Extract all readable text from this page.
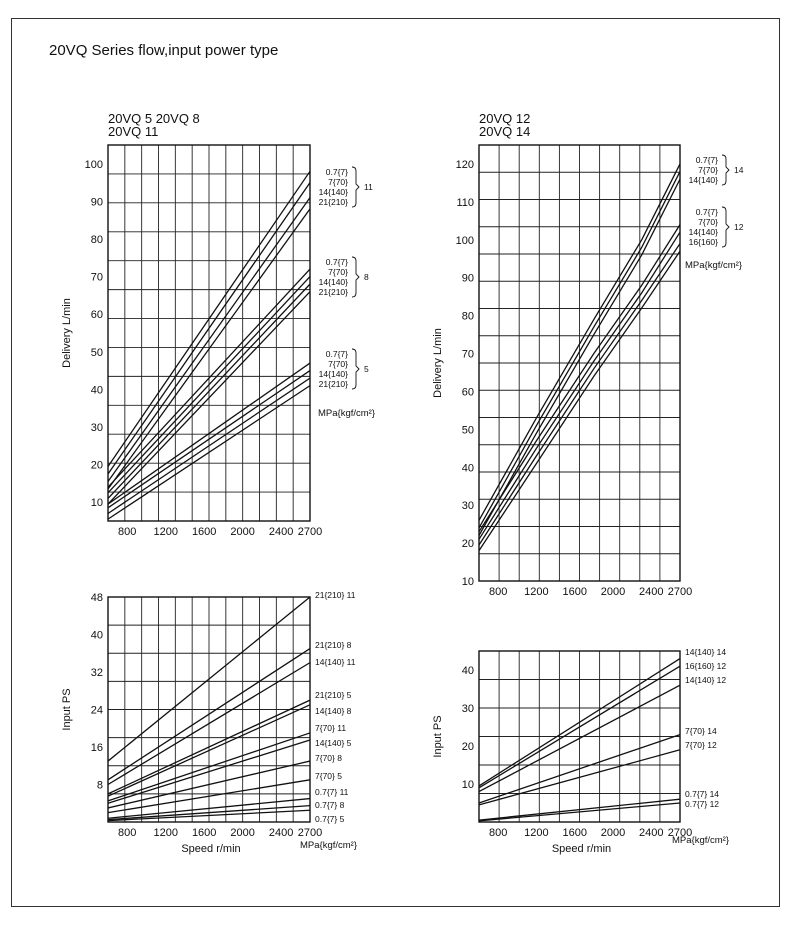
20VQ Series flow,input power type
10
20
30
40
50
60
70
80
90
100
800 1200 1600 2000 2400 2700
Delivery L/min
20VQ 5 20VQ 8
20VQ 11
0.7{7}
7{70}
14{140}
21{210}
11
0.7{7}
7{70}
14{140}
21{210}
8
0.7{7}
7{70}
14{140}
21{210}
5
MPa{kgf/cm²}
8
16
24
32
40
48
800 1200 1600 2000 2400 2700
Input PS
Speed r/min	MPa{kgf/cm²}
21{210} 11
21{210} 8
14{140} 11
21{210} 5
14{140} 8
7{70} 11
14{140} 5
7{70} 8
7{70} 5
0.7{7} 11
0.7{7} 8
0.7{7} 5
10
20
30
40
50
60
70
80
90
100
110
120
800 1200 1600 2000 2400 2700
Delivery L/min
20VQ 12
20VQ 14
0.7{7}
7{70}
14{140}
14
0.7{7}
7{70}
14{140}
16{160}
12
MPa{kgf/cm²}
10
20
30
40
800 1200 1600 2000 2400 2700
Input PS
Speed r/min
MPa{kgf/cm²}
14{140} 14
16{160} 12
14{140} 12
7{70} 14
7{70} 12
0.7{7} 14
0.7{7} 12
